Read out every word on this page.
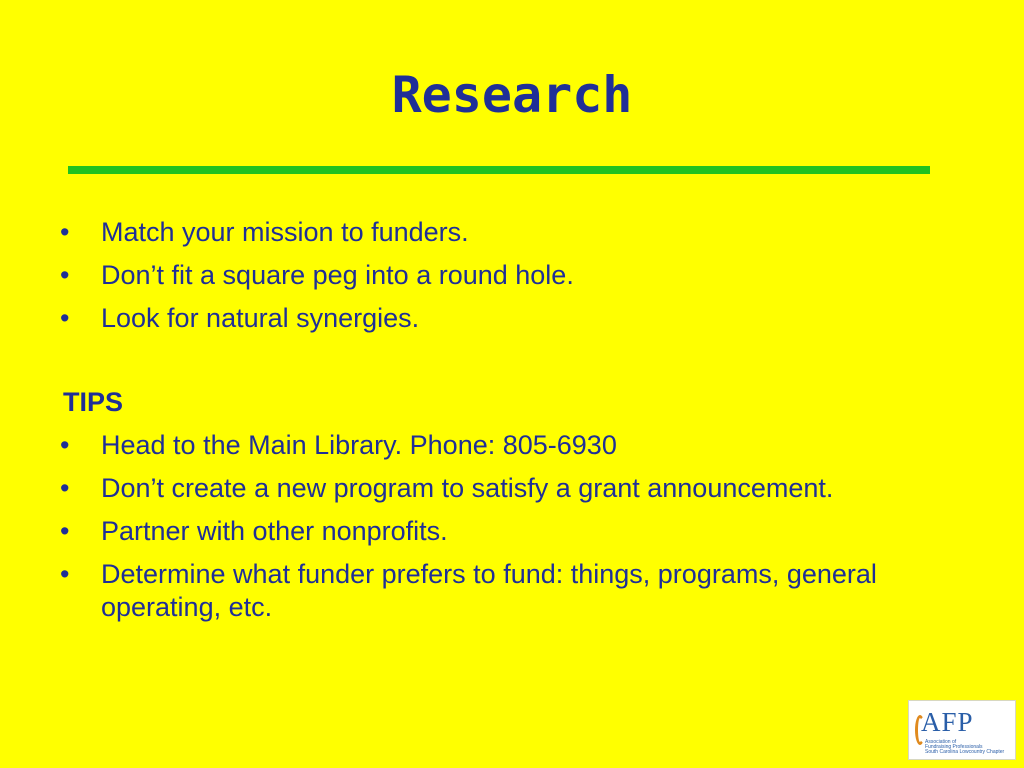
Research
• Match your mission to funders.
• Don’t fit a square peg into a round hole.
• Look for natural synergies.
TIPS
• Head to the Main Library. Phone: 805-6930
• Don’t create a new program to satisfy a grant announcement.
• Partner with other nonprofits.
• Determine what funder prefers to fund: things, programs, general operating, etc.
AFP
Association of
Fundraising Professionals
South Carolina Lowcountry Chapter
